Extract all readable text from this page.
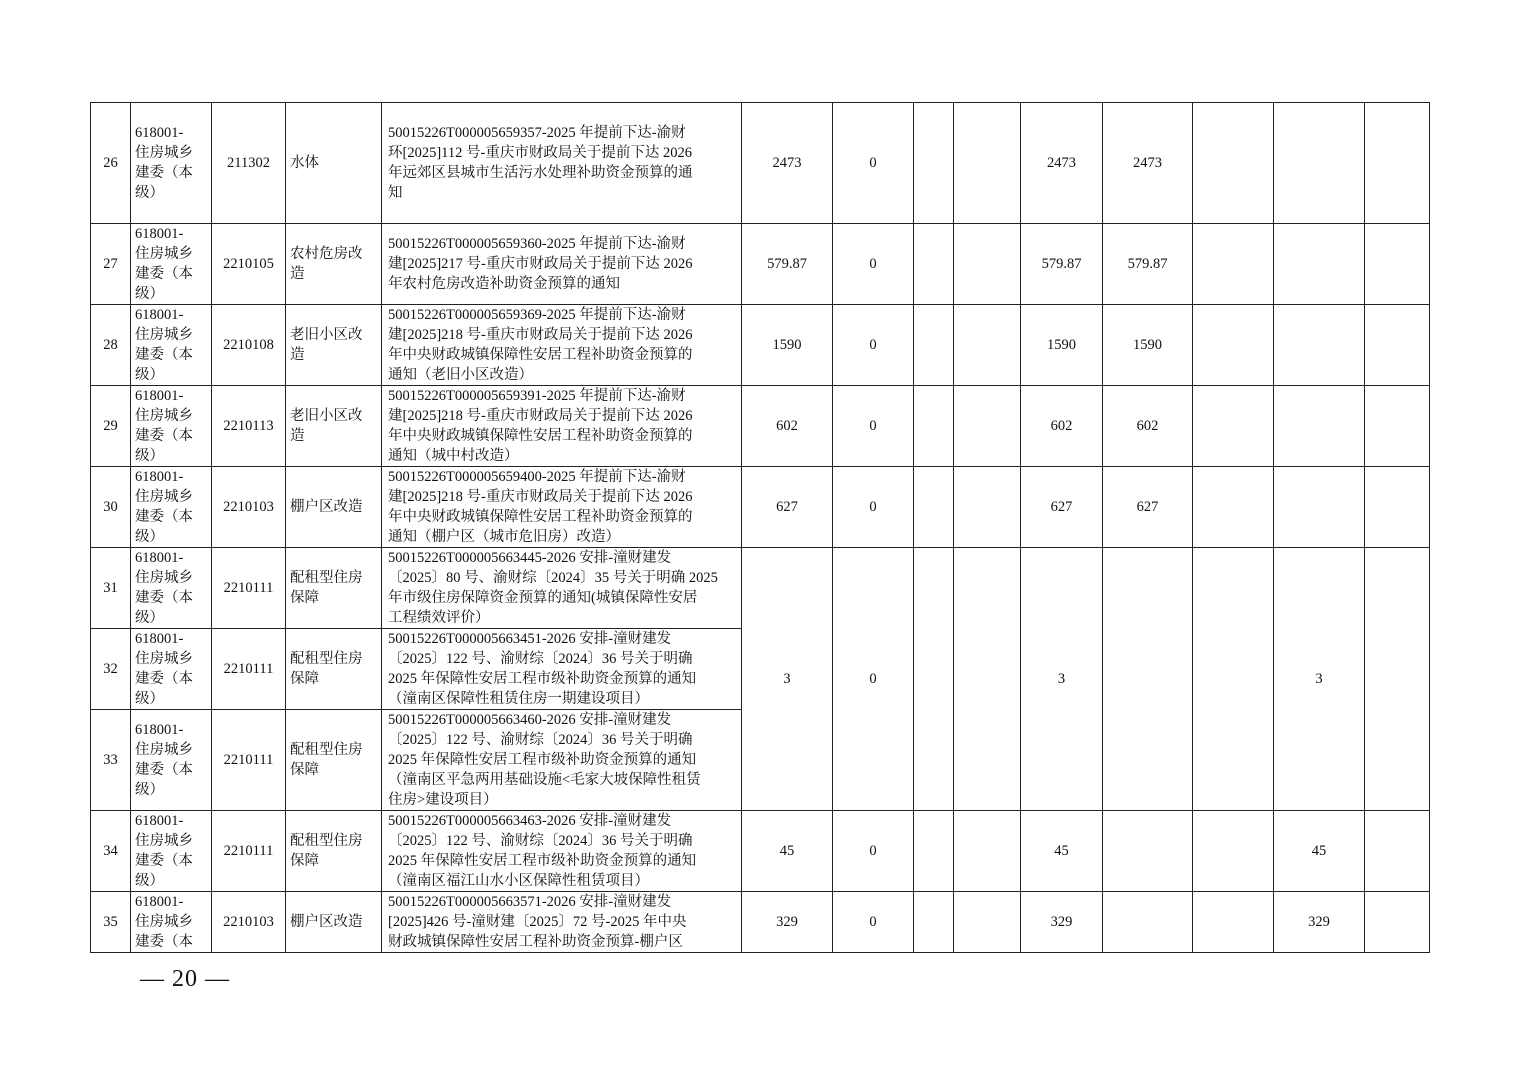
26	618001-
住房城乡
建委（本
级）	211302	水体	50015226T000005659357-2025 年提前下达-渝财
环[2025]112 号-重庆市财政局关于提前下达 2026
年远郊区县城市生活污水处理补助资金预算的通
知	2473	0			2473	2473			
27	618001-
住房城乡
建委（本
级）	2210105	农村危房改
造	50015226T000005659360-2025 年提前下达-渝财
建[2025]217 号-重庆市财政局关于提前下达 2026
年农村危房改造补助资金预算的通知	579.87	0			579.87	579.87			
28	618001-
住房城乡
建委（本
级）	2210108	老旧小区改
造	50015226T000005659369-2025 年提前下达-渝财
建[2025]218 号-重庆市财政局关于提前下达 2026
年中央财政城镇保障性安居工程补助资金预算的
通知（老旧小区改造）	1590	0			1590	1590			
29	618001-
住房城乡
建委（本
级）	2210113	老旧小区改
造	50015226T000005659391-2025 年提前下达-渝财
建[2025]218 号-重庆市财政局关于提前下达 2026
年中央财政城镇保障性安居工程补助资金预算的
通知（城中村改造）	602	0			602	602			
30	618001-
住房城乡
建委（本
级）	2210103	棚户区改造	50015226T000005659400-2025 年提前下达-渝财
建[2025]218 号-重庆市财政局关于提前下达 2026
年中央财政城镇保障性安居工程补助资金预算的
通知（棚户区（城市危旧房）改造）	627	0			627	627			
31	618001-
住房城乡
建委（本
级）	2210111	配租型住房
保障	50015226T000005663445-2026 安排-潼财建发
〔2025〕80 号、渝财综〔2024〕35 号关于明确 2025
年市级住房保障资金预算的通知(城镇保障性安居
工程绩效评价）	3	0			3			3	
32	618001-
住房城乡
建委（本
级）	2210111	配租型住房
保障	50015226T000005663451-2026 安排-潼财建发
〔2025〕122 号、渝财综〔2024〕36 号关于明确
2025 年保障性安居工程市级补助资金预算的通知
（潼南区保障性租赁住房一期建设项目）									
33	618001-
住房城乡
建委（本
级）	2210111	配租型住房
保障	50015226T000005663460-2026 安排-潼财建发
〔2025〕122 号、渝财综〔2024〕36 号关于明确
2025 年保障性安居工程市级补助资金预算的通知
（潼南区平急两用基础设施<毛家大坡保障性租赁
住房>建设项目）									
34	618001-
住房城乡
建委（本
级）	2210111	配租型住房
保障	50015226T000005663463-2026 安排-潼财建发
〔2025〕122 号、渝财综〔2024〕36 号关于明确
2025 年保障性安居工程市级补助资金预算的通知
（潼南区福江山水小区保障性租赁项目）	45	0			45			45	
35	618001-
住房城乡
建委（本	2210103	棚户区改造	50015226T000005663571-2026 安排-潼财建发
[2025]426 号-潼财建〔2025〕72 号-2025 年中央
财政城镇保障性安居工程补助资金预算-棚户区	329	0			329			329	
— 20 —
